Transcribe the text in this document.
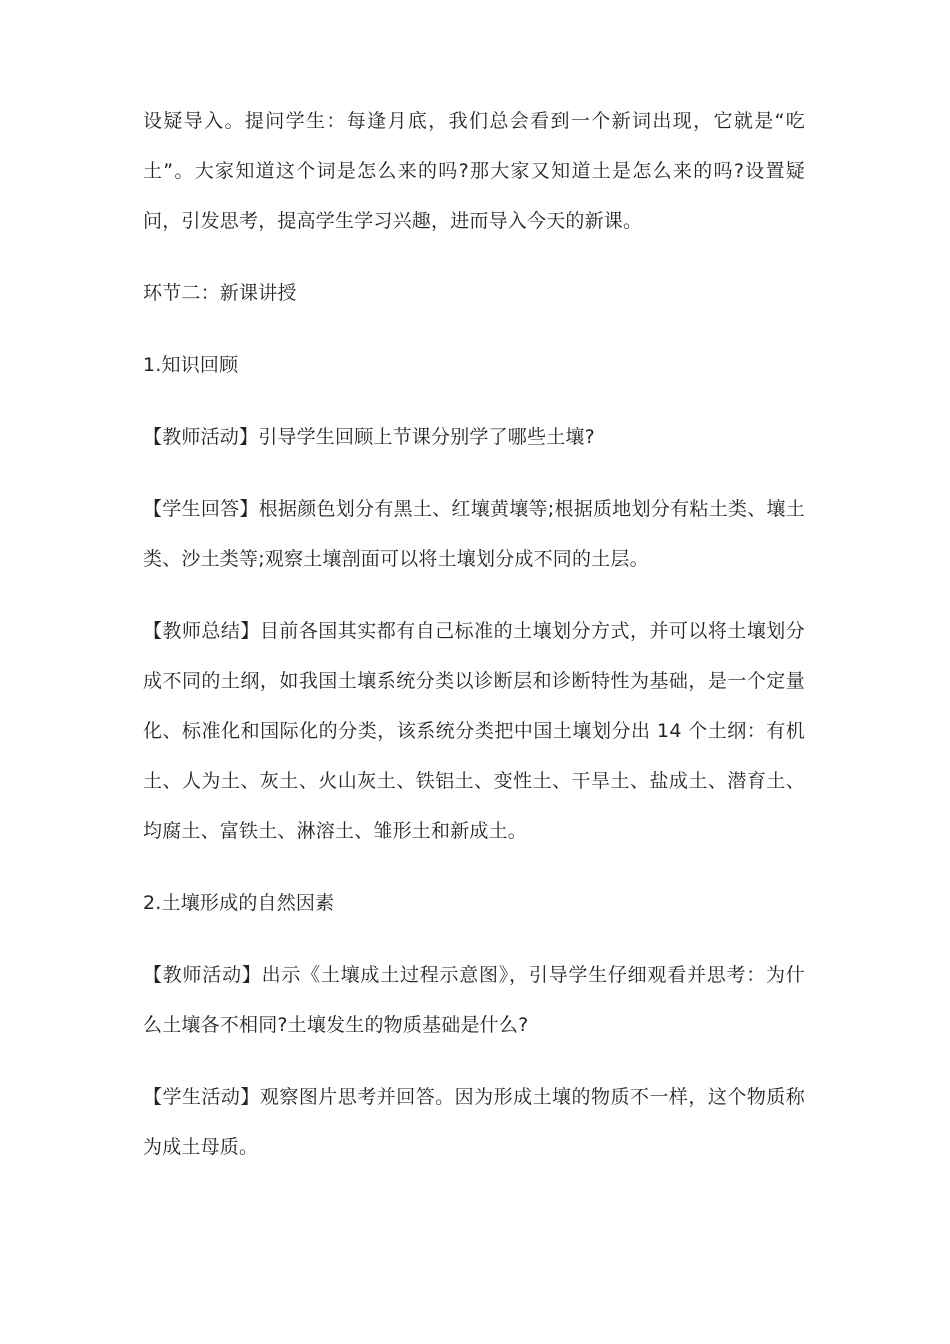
设疑导入。提问学生：每逢月底，我们总会看到一个新词出现，它就是“吃土”。大家知道这个词是怎么来的吗?那大家又知道土是怎么来的吗?设置疑问，引发思考，提高学生学习兴趣，进而导入今天的新课。

环节二：新课讲授

1.知识回顾

【教师活动】引导学生回顾上节课分别学了哪些土壤?

【学生回答】根据颜色划分有黑土、红壤黄壤等;根据质地划分有粘土类、壤土类、沙土类等;观察土壤剖面可以将土壤划分成不同的土层。

【教师总结】目前各国其实都有自己标准的土壤划分方式，并可以将土壤划分成不同的土纲，如我国土壤系统分类以诊断层和诊断特性为基础，是一个定量化、标准化和国际化的分类，该系统分类把中国土壤划分出 14 个土纲：有机土、人为土、灰土、火山灰土、铁铝土、变性土、干旱土、盐成土、潜育土、均腐土、富铁土、淋溶土、雏形土和新成土。

2.土壤形成的自然因素

【教师活动】出示《土壤成土过程示意图》，引导学生仔细观看并思考：为什么土壤各不相同?土壤发生的物质基础是什么?

【学生活动】观察图片思考并回答。因为形成土壤的物质不一样，这个物质称为成土母质。
